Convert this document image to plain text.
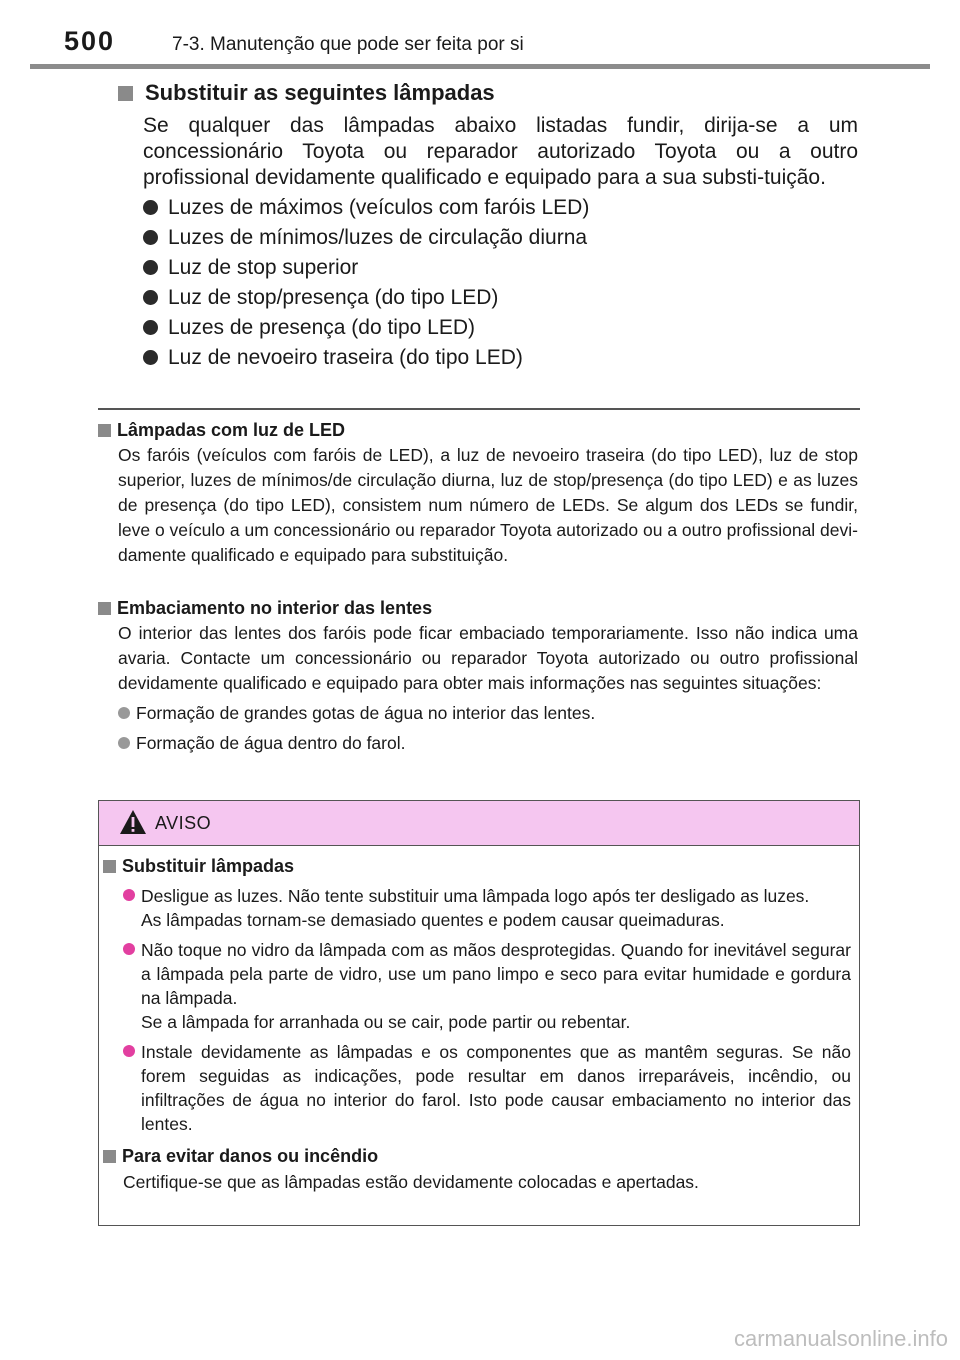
500	7-3. Manutenção que pode ser feita por si
Substituir as seguintes lâmpadas

Se qualquer das lâmpadas abaixo listadas fundir, dirija-se a um concessionário Toyota ou reparador autorizado Toyota ou a outro profissional devidamente qualificado e equipado para a sua substi-tuição.

Luzes de máximos (veículos com faróis LED)
Luzes de mínimos/luzes de circulação diurna
Luz de stop superior
Luz de stop/presença (do tipo LED)
Luzes de presença (do tipo LED)
Luz de nevoeiro traseira (do tipo LED)
Lâmpadas com luz de LED

Os faróis (veículos com faróis de LED), a luz de nevoeiro traseira (do tipo LED), luz de stop superior, luzes de mínimos/de circulação diurna, luz de stop/presença (do tipo LED) e as luzes de presença (do tipo LED), consistem num número de LEDs. Se algum dos LEDs se fundir, leve o veículo a um concessionário ou reparador Toyota autorizado ou a outro profissional devi-damente qualificado e equipado para substituição.

Embaciamento no interior das lentes

O interior das lentes dos faróis pode ficar embaciado temporariamente. Isso não indica uma avaria. Contacte um concessionário ou reparador Toyota autorizado ou outro profissional devidamente qualificado e equipado para obter mais informações nas seguintes situações:

Formação de grandes gotas de água no interior das lentes.
Formação de água dentro do farol.
AVISO
Substituir lâmpadas
Desligue as luzes. Não tente substituir uma lâmpada logo após ter desligado as luzes.
As lâmpadas tornam-se demasiado quentes e podem causar queimaduras.
Não toque no vidro da lâmpada com as mãos desprotegidas. Quando for inevitável segurar a lâmpada pela parte de vidro, use um pano limpo e seco para evitar humidade e gordura na lâmpada.
Se a lâmpada for arranhada ou se cair, pode partir ou rebentar.
Instale devidamente as lâmpadas e os componentes que as mantêm seguras. Se não forem seguidas as indicações, pode resultar em danos irreparáveis, incêndio, ou infiltrações de água no interior do farol. Isto pode causar embaciamento no interior das lentes.
Para evitar danos ou incêndio

Certifique-se que as lâmpadas estão devidamente colocadas e apertadas.

carmanualsonline.info
